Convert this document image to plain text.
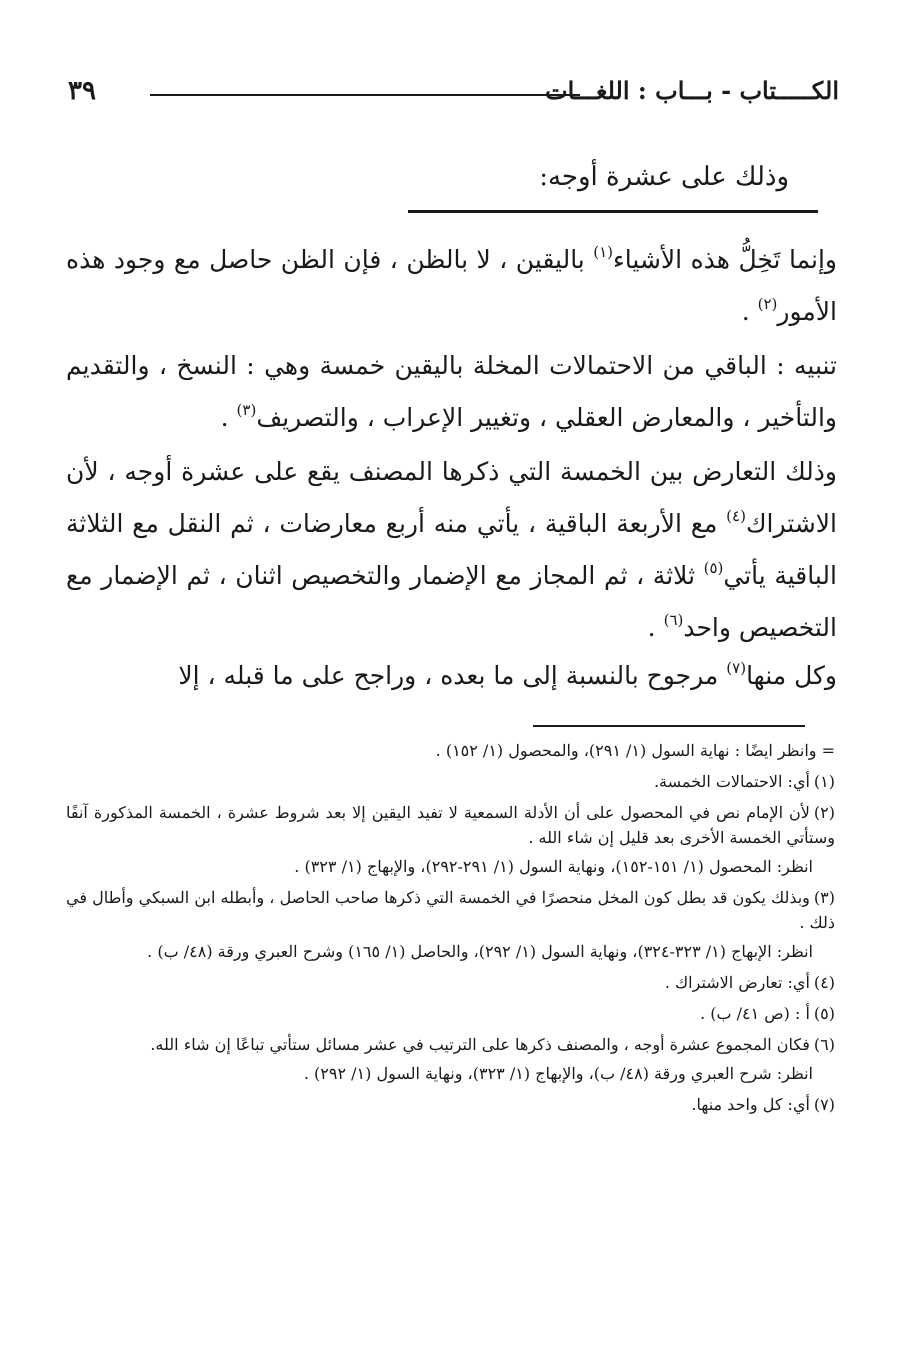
الكـــــتاب - بـــاب : اللغـــات
٣٩
وذلك على عشرة أوجه:

وإنما تَخِلُّ هذه الأشياء$^{(١)}$ باليقين ، لا بالظن ، فإن الظن حاصل مع وجود هذه الأمور$^{(٢)}$ .

تنبيه : الباقي من الاحتمالات المخلة باليقين خمسة وهي : النسخ ، والتقديم والتأخير ، والمعارض العقلي ، وتغيير الإعراب ، والتصريف$^{(٣)}$ .

وذلك التعارض بين الخمسة التي ذكرها المصنف يقع على عشرة أوجه ، لأن الاشتراك$^{(٤)}$ مع الأربعة الباقية ، يأتي منه أربع معارضات ، ثم النقل مع الثلاثة الباقية يأتي$^{(٥)}$ ثلاثة ، ثم المجاز مع الإضمار والتخصيص اثنان ، ثم الإضمار مع التخصيص واحد$^{(٦)}$ .

وكل منها$^{(٧)}$ مرجوح بالنسبة إلى ما بعده ، وراجح على ما قبله ، إلا

= وانظر ايضًا : نهاية السول (١/ ٢٩١)، والمحصول (١/ ١٥٢) .

(١)أي: الاحتمالات الخمسة.

(٢)لأن الإمام نص في المحصول على أن الأدلة السمعية لا تفيد اليقين إلا بعد شروط عشرة ، الخمسة المذكورة آنفًا وستأتي الخمسة الأخرى بعد قليل إن شاء الله .

انظر: المحصول (١/ ١٥١-١٥٢)، ونهاية السول (١/ ٢٩١-٢٩٢)، والإبهاج (١/ ٣٢٣) .

(٣)وبذلك يكون قد بطل كون المخل منحصرًا في الخمسة التي ذكرها صاحب الحاصل ، وأبطله ابن السبكي وأطال في ذلك .

انظر: الإبهاج (١/ ٣٢٣-٣٢٤)، ونهاية السول (١/ ٢٩٢)، والحاصل (١/ ١٦٥) وشرح العبري ورقة (٤٨/ ب) .

(٤)أي: تعارض الاشتراك .

(٥)أ : (ص ٤١/ ب) .

(٦)فكان المجموع عشرة أوجه ، والمصنف ذكرها على الترتيب في عشر مسائل ستأتي تباعًا إن شاء الله.

انظر: شرح العبري ورقة (٤٨/ ب)، والإبهاج (١/ ٣٢٣)، ونهاية السول (١/ ٢٩٢) .

(٧)أي: كل واحد منها.
